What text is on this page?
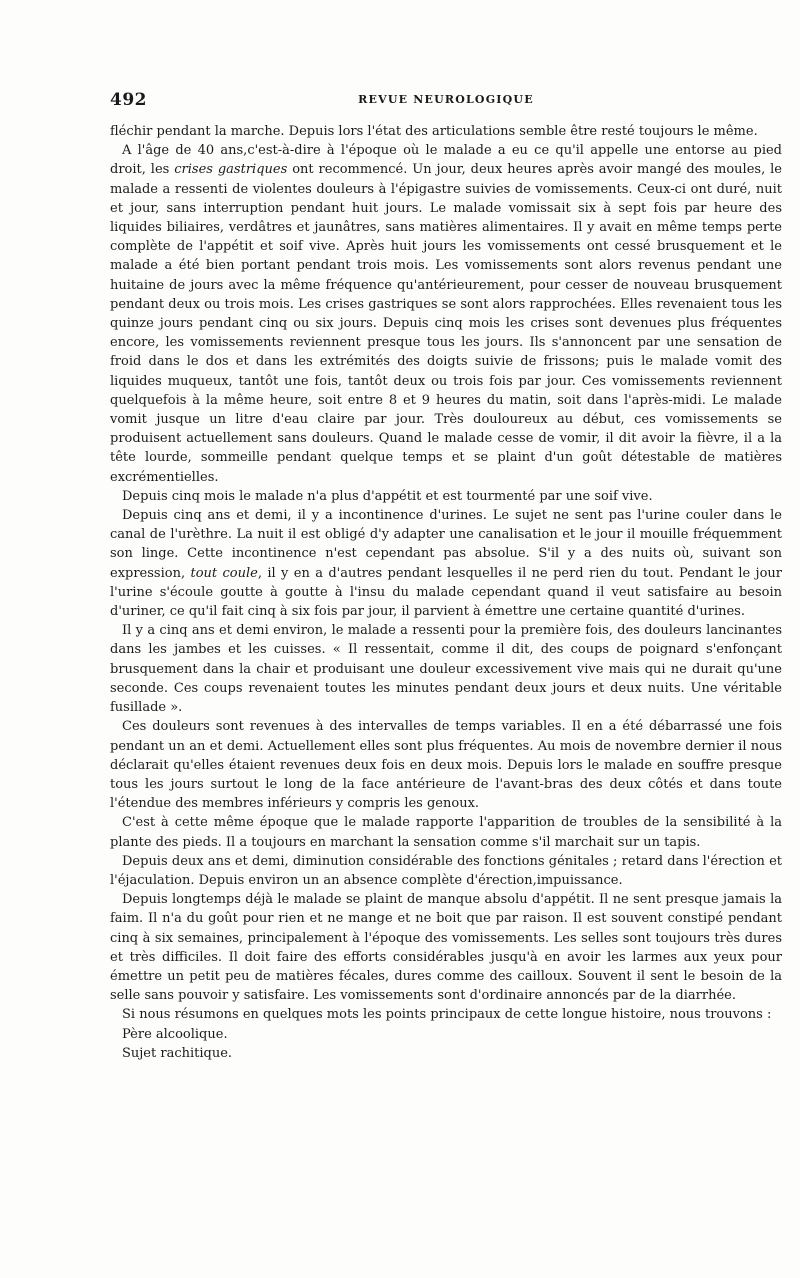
492	REVUE NEUROLOGIQUE

fléchir pendant la marche. Depuis lors l'état des articulations semble être resté toujours le même.

A l'âge de 40 ans,c'est-à-dire à l'époque où le malade a eu ce qu'il appelle une entorse au pied droit, les crises gastriques ont recommencé. Un jour, deux heures après avoir mangé des moules, le malade a ressenti de violentes douleurs à l'épigastre suivies de vomissements. Ceux-ci ont duré, nuit et jour, sans interruption pendant huit jours. Le malade vomissait six à sept fois par heure des liquides biliaires, verdâtres et jaunâtres, sans matières alimentaires. Il y avait en même temps perte complète de l'appétit et soif vive. Après huit jours les vomissements ont cessé brusquement et le malade a été bien portant pendant trois mois. Les vomissements sont alors revenus pendant une huitaine de jours avec la même fréquence qu'antérieurement, pour cesser de nouveau brusquement pendant deux ou trois mois. Les crises gastriques se sont alors rapprochées. Elles revenaient tous les quinze jours pendant cinq ou six jours. Depuis cinq mois les crises sont devenues plus fréquentes encore, les vomissements reviennent presque tous les jours. Ils s'annoncent par une sensation de froid dans le dos et dans les extrémités des doigts suivie de frissons; puis le malade vomit des liquides muqueux, tantôt une fois, tantôt deux ou trois fois par jour. Ces vomissements reviennent quelquefois à la même heure, soit entre 8 et 9 heures du matin, soit dans l'après-midi. Le malade vomit jusque un litre d'eau claire par jour. Très douloureux au début, ces vomissements se produisent actuellement sans douleurs. Quand le malade cesse de vomir, il dit avoir la fièvre, il a la tête lourde, sommeille pendant quelque temps et se plaint d'un goût détestable de matières excrémentielles.

Depuis cinq mois le malade n'a plus d'appétit et est tourmenté par une soif vive.

Depuis cinq ans et demi, il y a incontinence d'urines. Le sujet ne sent pas l'urine couler dans le canal de l'urèthre. La nuit il est obligé d'y adapter une canalisation et le jour il mouille fréquemment son linge. Cette incontinence n'est cependant pas absolue. S'il y a des nuits où, suivant son expression, tout coule, il y en a d'autres pendant lesquelles il ne perd rien du tout. Pendant le jour l'urine s'écoule goutte à goutte à l'insu du malade cependant quand il veut satisfaire au besoin d'uriner, ce qu'il fait cinq à six fois par jour, il parvient à émettre une certaine quantité d'urines.

Il y a cinq ans et demi environ, le malade a ressenti pour la première fois, des douleurs lancinantes dans les jambes et les cuisses. « Il ressentait, comme il dit, des coups de poignard s'enfonçant brusquement dans la chair et produisant une douleur excessivement vive mais qui ne durait qu'une seconde. Ces coups revenaient toutes les minutes pendant deux jours et deux nuits. Une véritable fusillade ».

Ces douleurs sont revenues à des intervalles de temps variables. Il en a été débarrassé une fois pendant un an et demi. Actuellement elles sont plus fréquentes. Au mois de novembre dernier il nous déclarait qu'elles étaient revenues deux fois en deux mois. Depuis lors le malade en souffre presque tous les jours surtout le long de la face antérieure de l'avant-bras des deux côtés et dans toute l'étendue des membres inférieurs y compris les genoux.

C'est à cette même époque que le malade rapporte l'apparition de troubles de la sensibilité à la plante des pieds. Il a toujours en marchant la sensation comme s'il marchait sur un tapis.

Depuis deux ans et demi, diminution considérable des fonctions génitales ; retard dans l'érection et l'éjaculation. Depuis environ un an absence complète d'érection,impuissance.

Depuis longtemps déjà le malade se plaint de manque absolu d'appétit. Il ne sent presque jamais la faim. Il n'a du goût pour rien et ne mange et ne boit que par raison. Il est souvent constipé pendant cinq à six semaines, principalement à l'époque des vomissements. Les selles sont toujours très dures et très difficiles. Il doit faire des efforts considérables jusqu'à en avoir les larmes aux yeux pour émettre un petit peu de matières fécales, dures comme des cailloux. Souvent il sent le besoin de la selle sans pouvoir y satisfaire. Les vomissements sont d'ordinaire annoncés par de la diarrhée.

Si nous résumons en quelques mots les points principaux de cette longue histoire, nous trouvons :

Père alcoolique.

Sujet rachitique.
